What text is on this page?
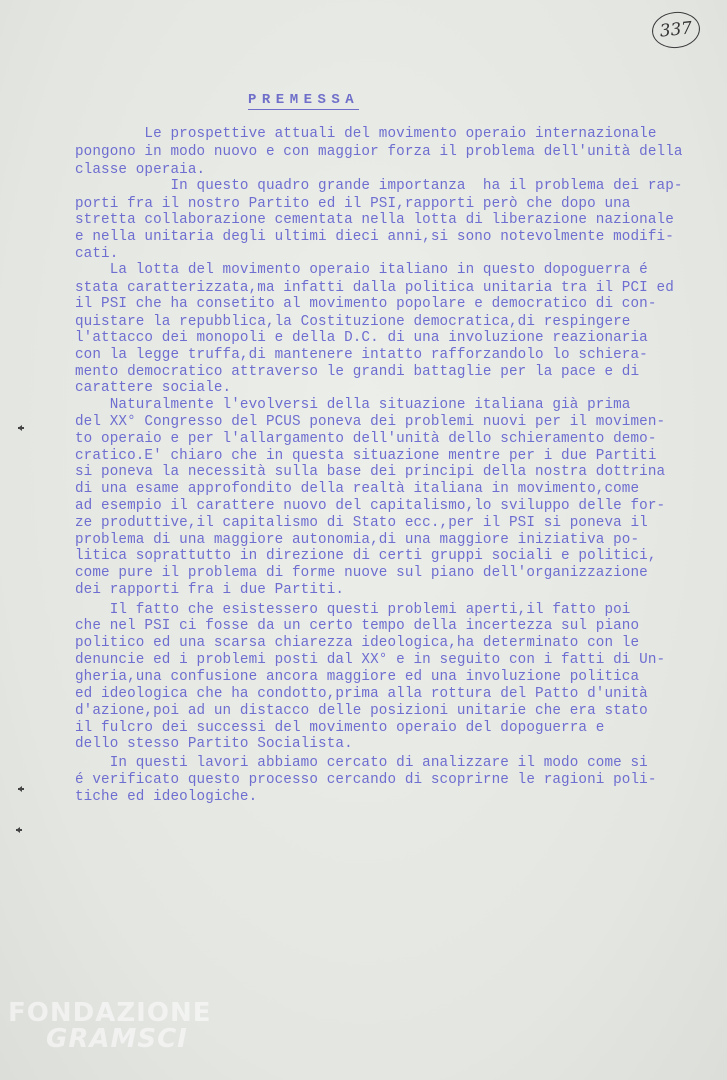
337
PREMESSA

Le prospettive attuali del movimento operaio internazionale

pongono in modo nuovo e con maggior forza il problema dell'unità della

classe operaia.

In questo quadro grande importanza  ha il problema dei rap-

porti fra il nostro Partito ed il PSI,rapporti però che dopo una

stretta collaborazione cementata nella lotta di liberazione nazionale

e nella unitaria degli ultimi dieci anni,si sono notevolmente modifi-

cati.

La lotta del movimento operaio italiano in questo dopoguerra é

stata caratterizzata,ma infatti dalla politica unitaria tra il PCI ed

il PSI che ha consetito al movimento popolare e democratico di con-

quistare la repubblica,la Costituzione democratica,di respingere

l'attacco dei monopoli e della D.C. di una involuzione reazionaria

con la legge truffa,di mantenere intatto rafforzandolo lo schiera-

mento democratico attraverso le grandi battaglie per la pace e di

carattere sociale.

Naturalmente l'evolversi della situazione italiana già prima

del XX° Congresso del PCUS poneva dei problemi nuovi per il movimen-

to operaio e per l'allargamento dell'unità dello schieramento demo-

cratico.E' chiaro che in questa situazione mentre per i due Partiti

si poneva la necessità sulla base dei principi della nostra dottrina

di una esame approfondito della realtà italiana in movimento,come

ad esempio il carattere nuovo del capitalismo,lo sviluppo delle for-

ze produttive,il capitalismo di Stato ecc.,per il PSI si poneva il

problema di una maggiore autonomia,di una maggiore iniziativa po-

litica soprattutto in direzione di certi gruppi sociali e politici,

come pure il problema di forme nuove sul piano dell'organizzazione

dei rapporti fra i due Partiti.

Il fatto che esistessero questi problemi aperti,il fatto poi

che nel PSI ci fosse da un certo tempo della incertezza sul piano

politico ed una scarsa chiarezza ideologica,ha determinato con le

denuncie ed i problemi posti dal XX° e in seguito con i fatti di Un-

gheria,una confusione ancora maggiore ed una involuzione politica

ed ideologica che ha condotto,prima alla rottura del Patto d'unità

d'azione,poi ad un distacco delle posizioni unitarie che era stato

il fulcro dei successi del movimento operaio del dopoguerra e

dello stesso Partito Socialista.

In questi lavori abbiamo cercato di analizzare il modo come si

é verificato questo processo cercando di scoprirne le ragioni poli-

tiche ed ideologiche.

FONDAZIONE
GRAMSCI
